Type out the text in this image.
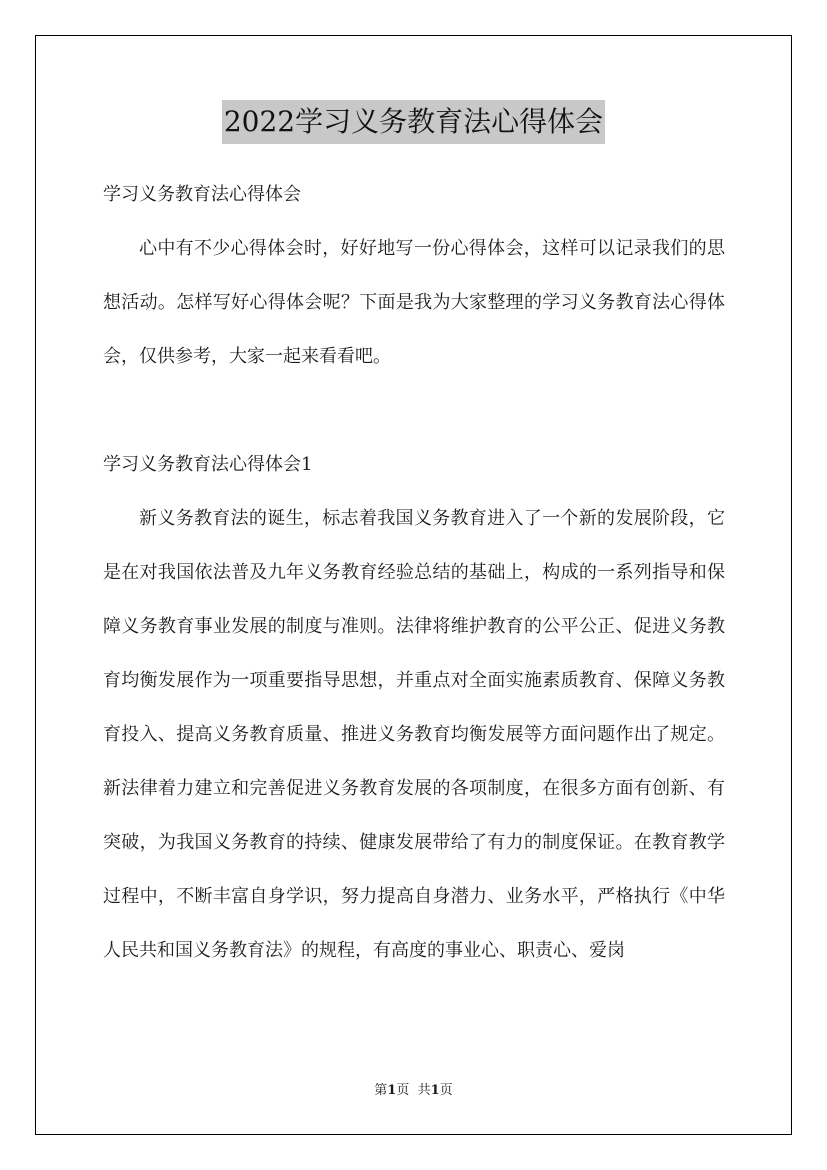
2022学习义务教育法心得体会

学习义务教育法心得体会

心中有不少心得体会时，好好地写一份心得体会，这样可以记录我们的思想活动。怎样写好心得体会呢？下面是我为大家整理的学习义务教育法心得体会，仅供参考，大家一起来看看吧。

学习义务教育法心得体会1

新义务教育法的诞生，标志着我国义务教育进入了一个新的发展阶段，它是在对我国依法普及九年义务教育经验总结的基础上，构成的一系列指导和保障义务教育事业发展的制度与准则。法律将维护教育的公平公正、促进义务教育均衡发展作为一项重要指导思想，并重点对全面实施素质教育、保障义务教育投入、提高义务教育质量、推进义务教育均衡发展等方面问题作出了规定。新法律着力建立和完善促进义务教育发展的各项制度，在很多方面有创新、有突破，为我国义务教育的持续、健康发展带给了有力的制度保证。在教育教学过程中，不断丰富自身学识，努力提高自身潜力、业务水平，严格执行《中华人民共和国义务教育法》的规程，有高度的事业心、职责心、爱岗

第1页 共1页
